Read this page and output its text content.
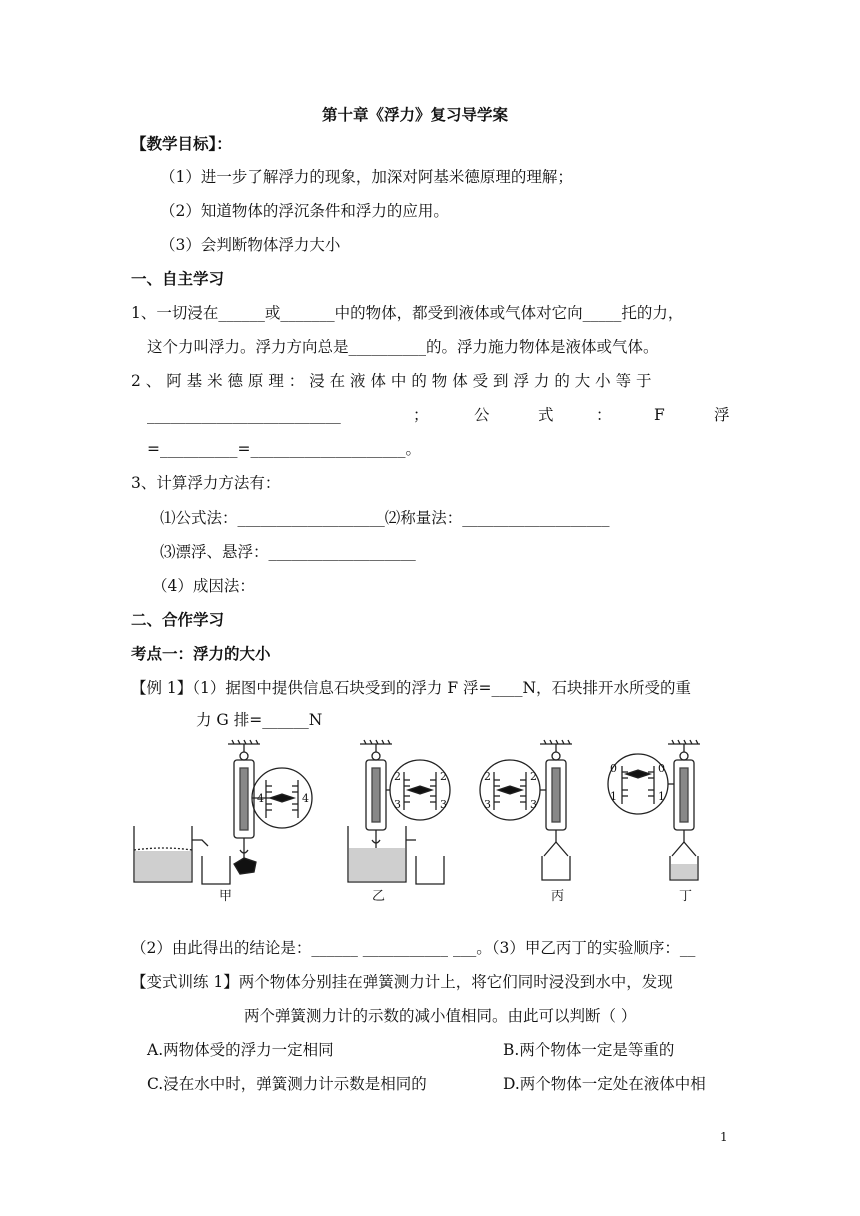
第十章《浮力》复习导学案
【教学目标】：
（1）进一步了解浮力的现象，加深对阿基米德原理的理解；
（2）知道物体的浮沉条件和浮力的应用。
（3）会判断物体浮力大小
一、自主学习
1、一切浸在______或_______中的物体，都受到液体或气体对它向_____托的力，
这个力叫浮力。浮力方向总是__________的。浮力施力物体是液体或气体。
2 、 阿 基 米 德 原 理 ： 浸 在 液 体 中 的 物 体 受 到 浮 力 的 大 小 等 于
_________________________	；	公	式	：	F	浮
=__________=____________________。
3、计算浮力方法有：
⑴公式法：___________________⑵称量法：___________________
⑶漂浮、悬浮：___________________
（4）成因法：
二、合作学习
考点一：浮力的大小
【例 1】（1）据图中提供信息石块受到的浮力 F 浮=____N，石块排开水所受的重
力 G 排=______N
4	4
甲
2
3
2
3
乙
2
3
2
3
丙
0
1
0
1
丁
（2）由此得出的结论是：______ ___________ ___。（3）甲乙丙丁的实验顺序：__
【变式训练 1】两个物体分别挂在弹簧测力计上，将它们同时浸没到水中，发现
两个弹簧测力计的示数的减小值相同。由此可以判断（ ）
A.两物体受的浮力一定相同	B.两个物体一定是等重的
C.浸在水中时，弹簧测力计示数是相同的	D.两个物体一定处在液体中相
1
